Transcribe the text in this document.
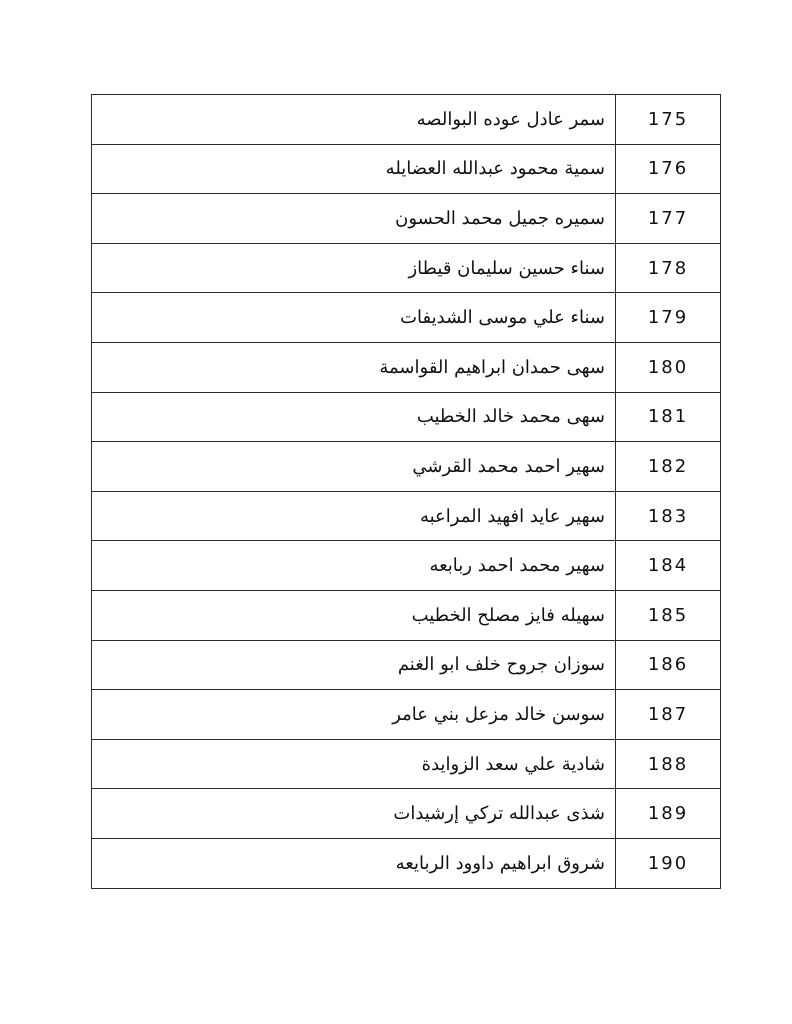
175	سمر عادل عوده البوالصه
176	سمية محمود عبدالله العضايله
177	سميره جميل محمد الحسون
178	سناء حسين سليمان قيطاز
179	سناء علي موسى الشديفات
180	سهى حمدان ابراهيم القواسمة
181	سهى محمد خالد الخطيب
182	سهير احمد محمد القرشي
183	سهير عايد افهيد المراعبه
184	سهير محمد احمد ربابعه
185	سهيله فايز مصلح الخطيب
186	سوزان جروح خلف ابو الغنم
187	سوسن خالد مزعل بني عامر
188	شادية علي سعد الزوايدة
189	شذى عبدالله تركي إرشيدات
190	شروق ابراهيم داوود الربايعه
